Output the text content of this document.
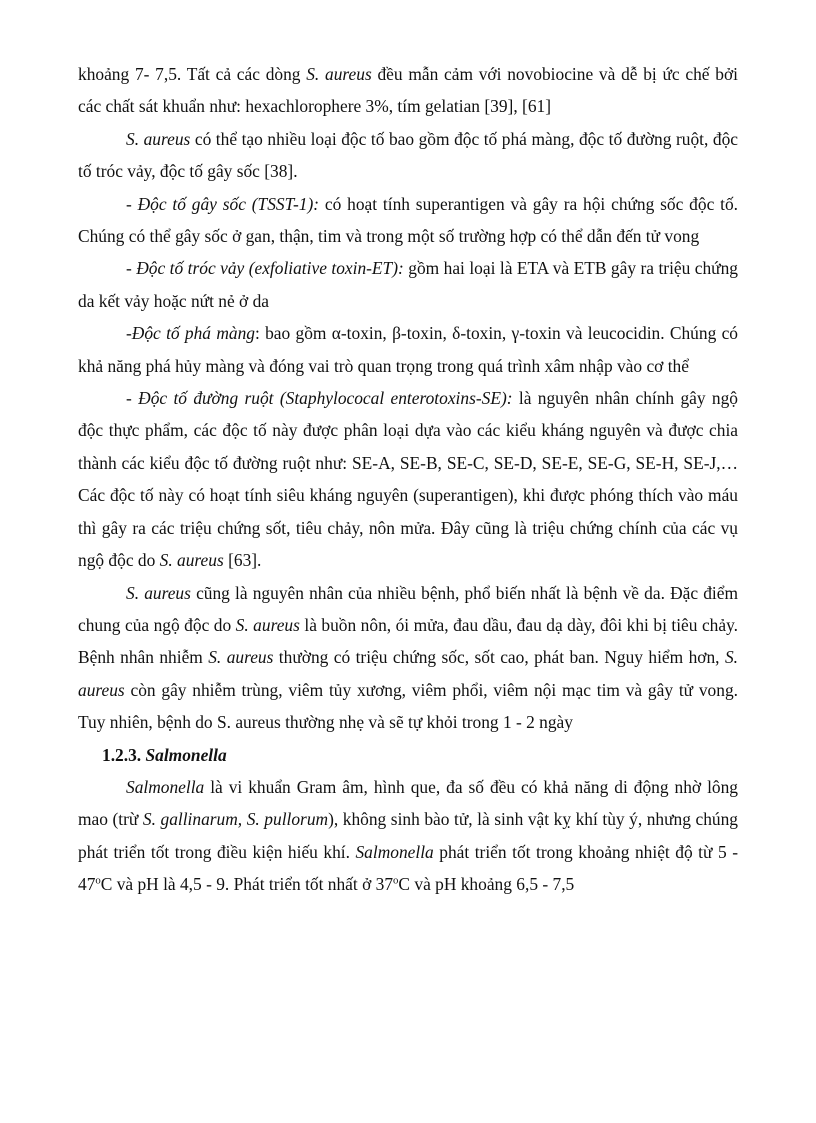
khoảng 7- 7,5. Tất cả các dòng S. aureus đều mẫn cảm với novobiocine và dễ bị ức chế bởi các chất sát khuẩn như: hexachlorophere 3%, tím gelatian [39], [61]

S. aureus có thể tạo nhiều loại độc tố bao gồm độc tố phá màng, độc tố đường ruột, độc tố tróc vảy, độc tố gây sốc [38].

- Độc tố gây sốc (TSST-1): có hoạt tính superantigen và gây ra hội chứng sốc độc tố. Chúng có thể gây sốc ở gan, thận, tim và trong một số trường hợp có thể dẫn đến tử vong

- Độc tố tróc vảy (exfoliative toxin-ET): gồm hai loại là ETA và ETB gây ra triệu chứng da kết vảy hoặc nứt nẻ ở da

-Độc tố phá màng: bao gồm α-toxin, β-toxin, δ-toxin, γ-toxin và leucocidin. Chúng có khả năng phá hủy màng và đóng vai trò quan trọng trong quá trình xâm nhập vào cơ thể

- Độc tố đường ruột (Staphylococal enterotoxins-SE): là nguyên nhân chính gây ngộ độc thực phẩm, các độc tố này được phân loại dựa vào các kiểu kháng nguyên và được chia thành các kiểu độc tố đường ruột như: SE-A, SE-B, SE-C, SE-D, SE-E, SE-G, SE-H, SE-J,…Các độc tố này có hoạt tính siêu kháng nguyên (superantigen), khi được phóng thích vào máu thì gây ra các triệu chứng sốt, tiêu chảy, nôn mửa. Đây cũng là triệu chứng chính của các vụ ngộ độc do S. aureus [63].

S. aureus cũng là nguyên nhân của nhiều bệnh, phổ biến nhất là bệnh về da. Đặc điểm chung của ngộ độc do S. aureus là buồn nôn, ói mửa, đau dầu, đau dạ dày, đôi khi bị tiêu chảy. Bệnh nhân nhiễm S. aureus thường có triệu chứng sốc, sốt cao, phát ban. Nguy hiểm hơn, S. aureus còn gây nhiễm trùng, viêm tủy xương, viêm phổi, viêm nội mạc tim và gây tử vong. Tuy nhiên, bệnh do S. aureus thường nhẹ và sẽ tự khỏi trong 1 - 2 ngày

1.2.3. Salmonella

Salmonella là vi khuẩn Gram âm, hình que, đa số đều có khả năng di động nhờ lông mao (trừ S. gallinarum, S. pullorum), không sinh bào tử, là sinh vật kỵ khí tùy ý, nhưng chúng phát triển tốt trong điều kiện hiếu khí. Salmonella phát triển tốt trong khoảng nhiệt độ từ 5 - 47$^o$C và pH là 4,5 - 9. Phát triển tốt nhất ở 37$^o$C và pH khoảng 6,5 - 7,5
